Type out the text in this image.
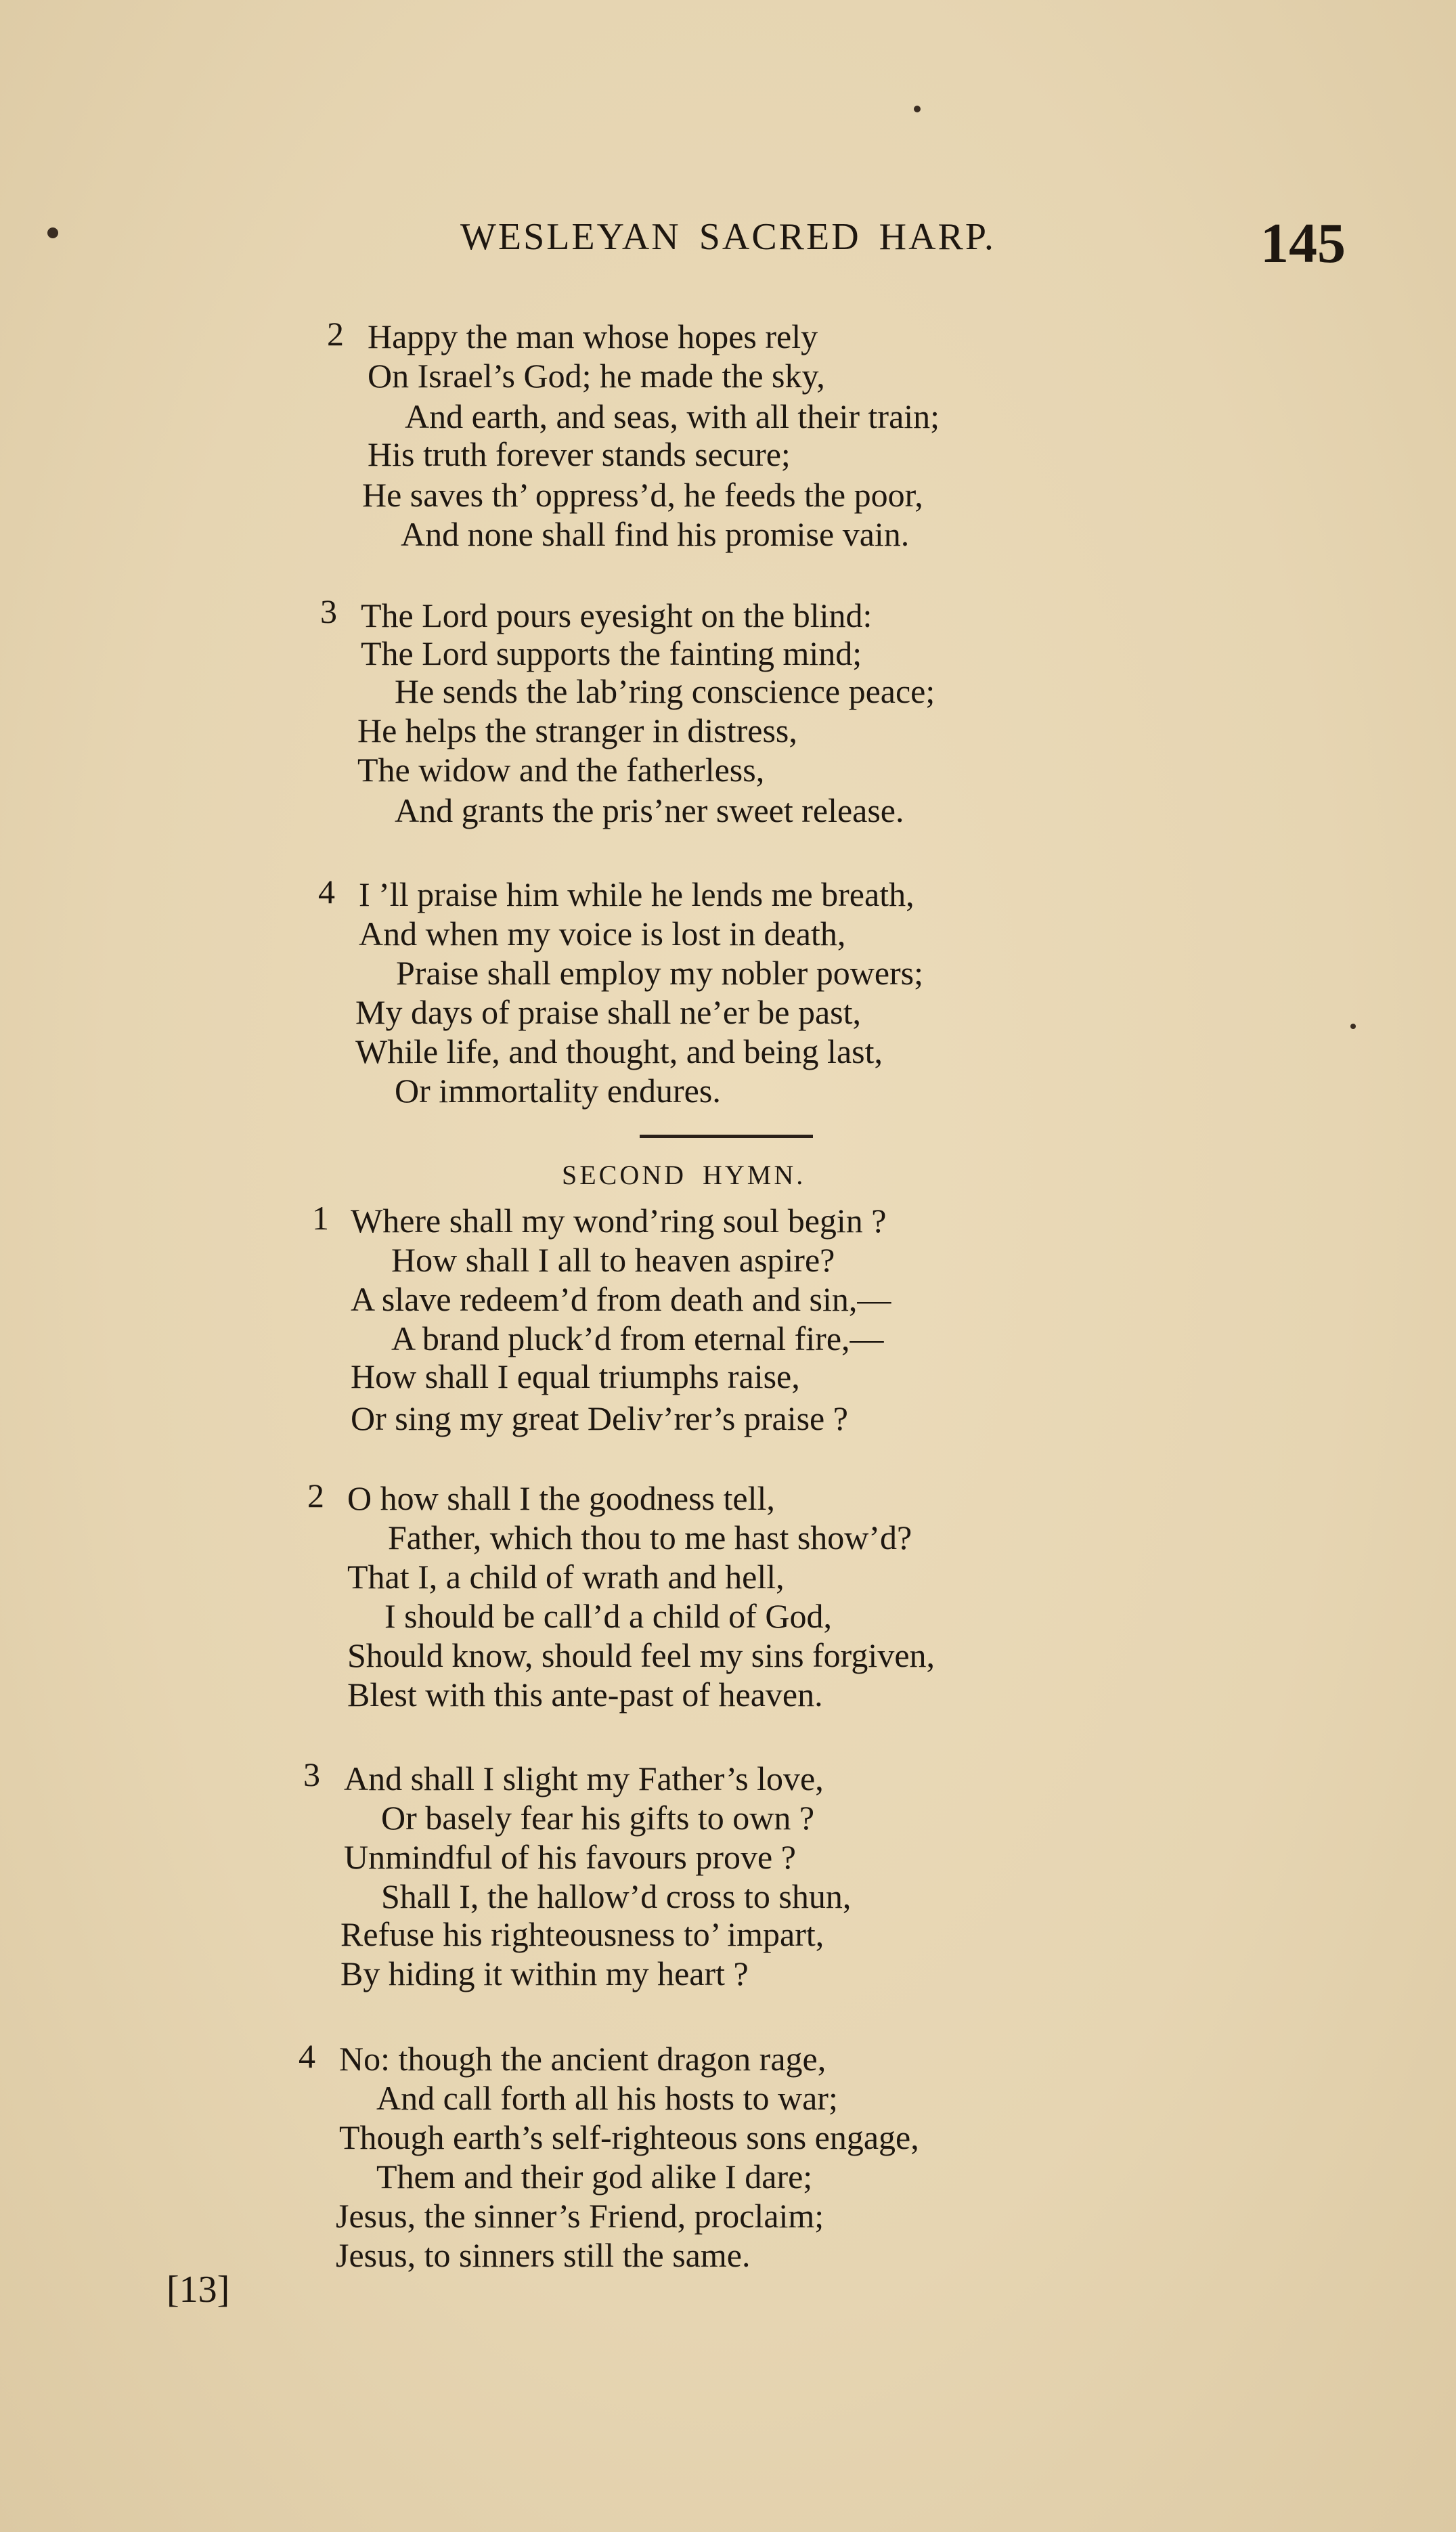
WESLEYAN SACRED HARP.	145
2 Happy the man whose hopes rely
On Israel’s God; he made the sky,
And earth, and seas, with all their train;
His truth forever stands secure;
He saves th’ oppress’d, he feeds the poor,
And none shall find his promise vain.
3 The Lord pours eyesight on the blind:
The Lord supports the fainting mind;
He sends the lab’ring conscience peace;
He helps the stranger in distress,
The widow and the fatherless,
And grants the pris’ner sweet release.
4 I ’ll praise him while he lends me breath,
And when my voice is lost in death,
Praise shall employ my nobler powers;
My days of praise shall ne’er be past,
While life, and thought, and being last,
Or immortality endures.
SECOND HYMN.
1 Where shall my wond’ring soul begin ?
How shall I all to heaven aspire?
A slave redeem’d from death and sin,—
A brand pluck’d from eternal fire,—
How shall I equal triumphs raise,
Or sing my great Deliv’rer’s praise ?
2 O how shall I the goodness tell,
Father, which thou to me hast show’d?
That I, a child of wrath and hell,
I should be call’d a child of God,
Should know, should feel my sins forgiven,
Blest with this ante-past of heaven.
3 And shall I slight my Father’s love,
Or basely fear his gifts to own ?
Unmindful of his favours prove ?
Shall I, the hallow’d cross to shun,
Refuse his righteousness to’ impart,
By hiding it within my heart ?
4 No: though the ancient dragon rage,
And call forth all his hosts to war;
Though earth’s self-righteous sons engage,
Them and their god alike I dare;
Jesus, the sinner’s Friend, proclaim;
Jesus, to sinners still the same.
[13]
